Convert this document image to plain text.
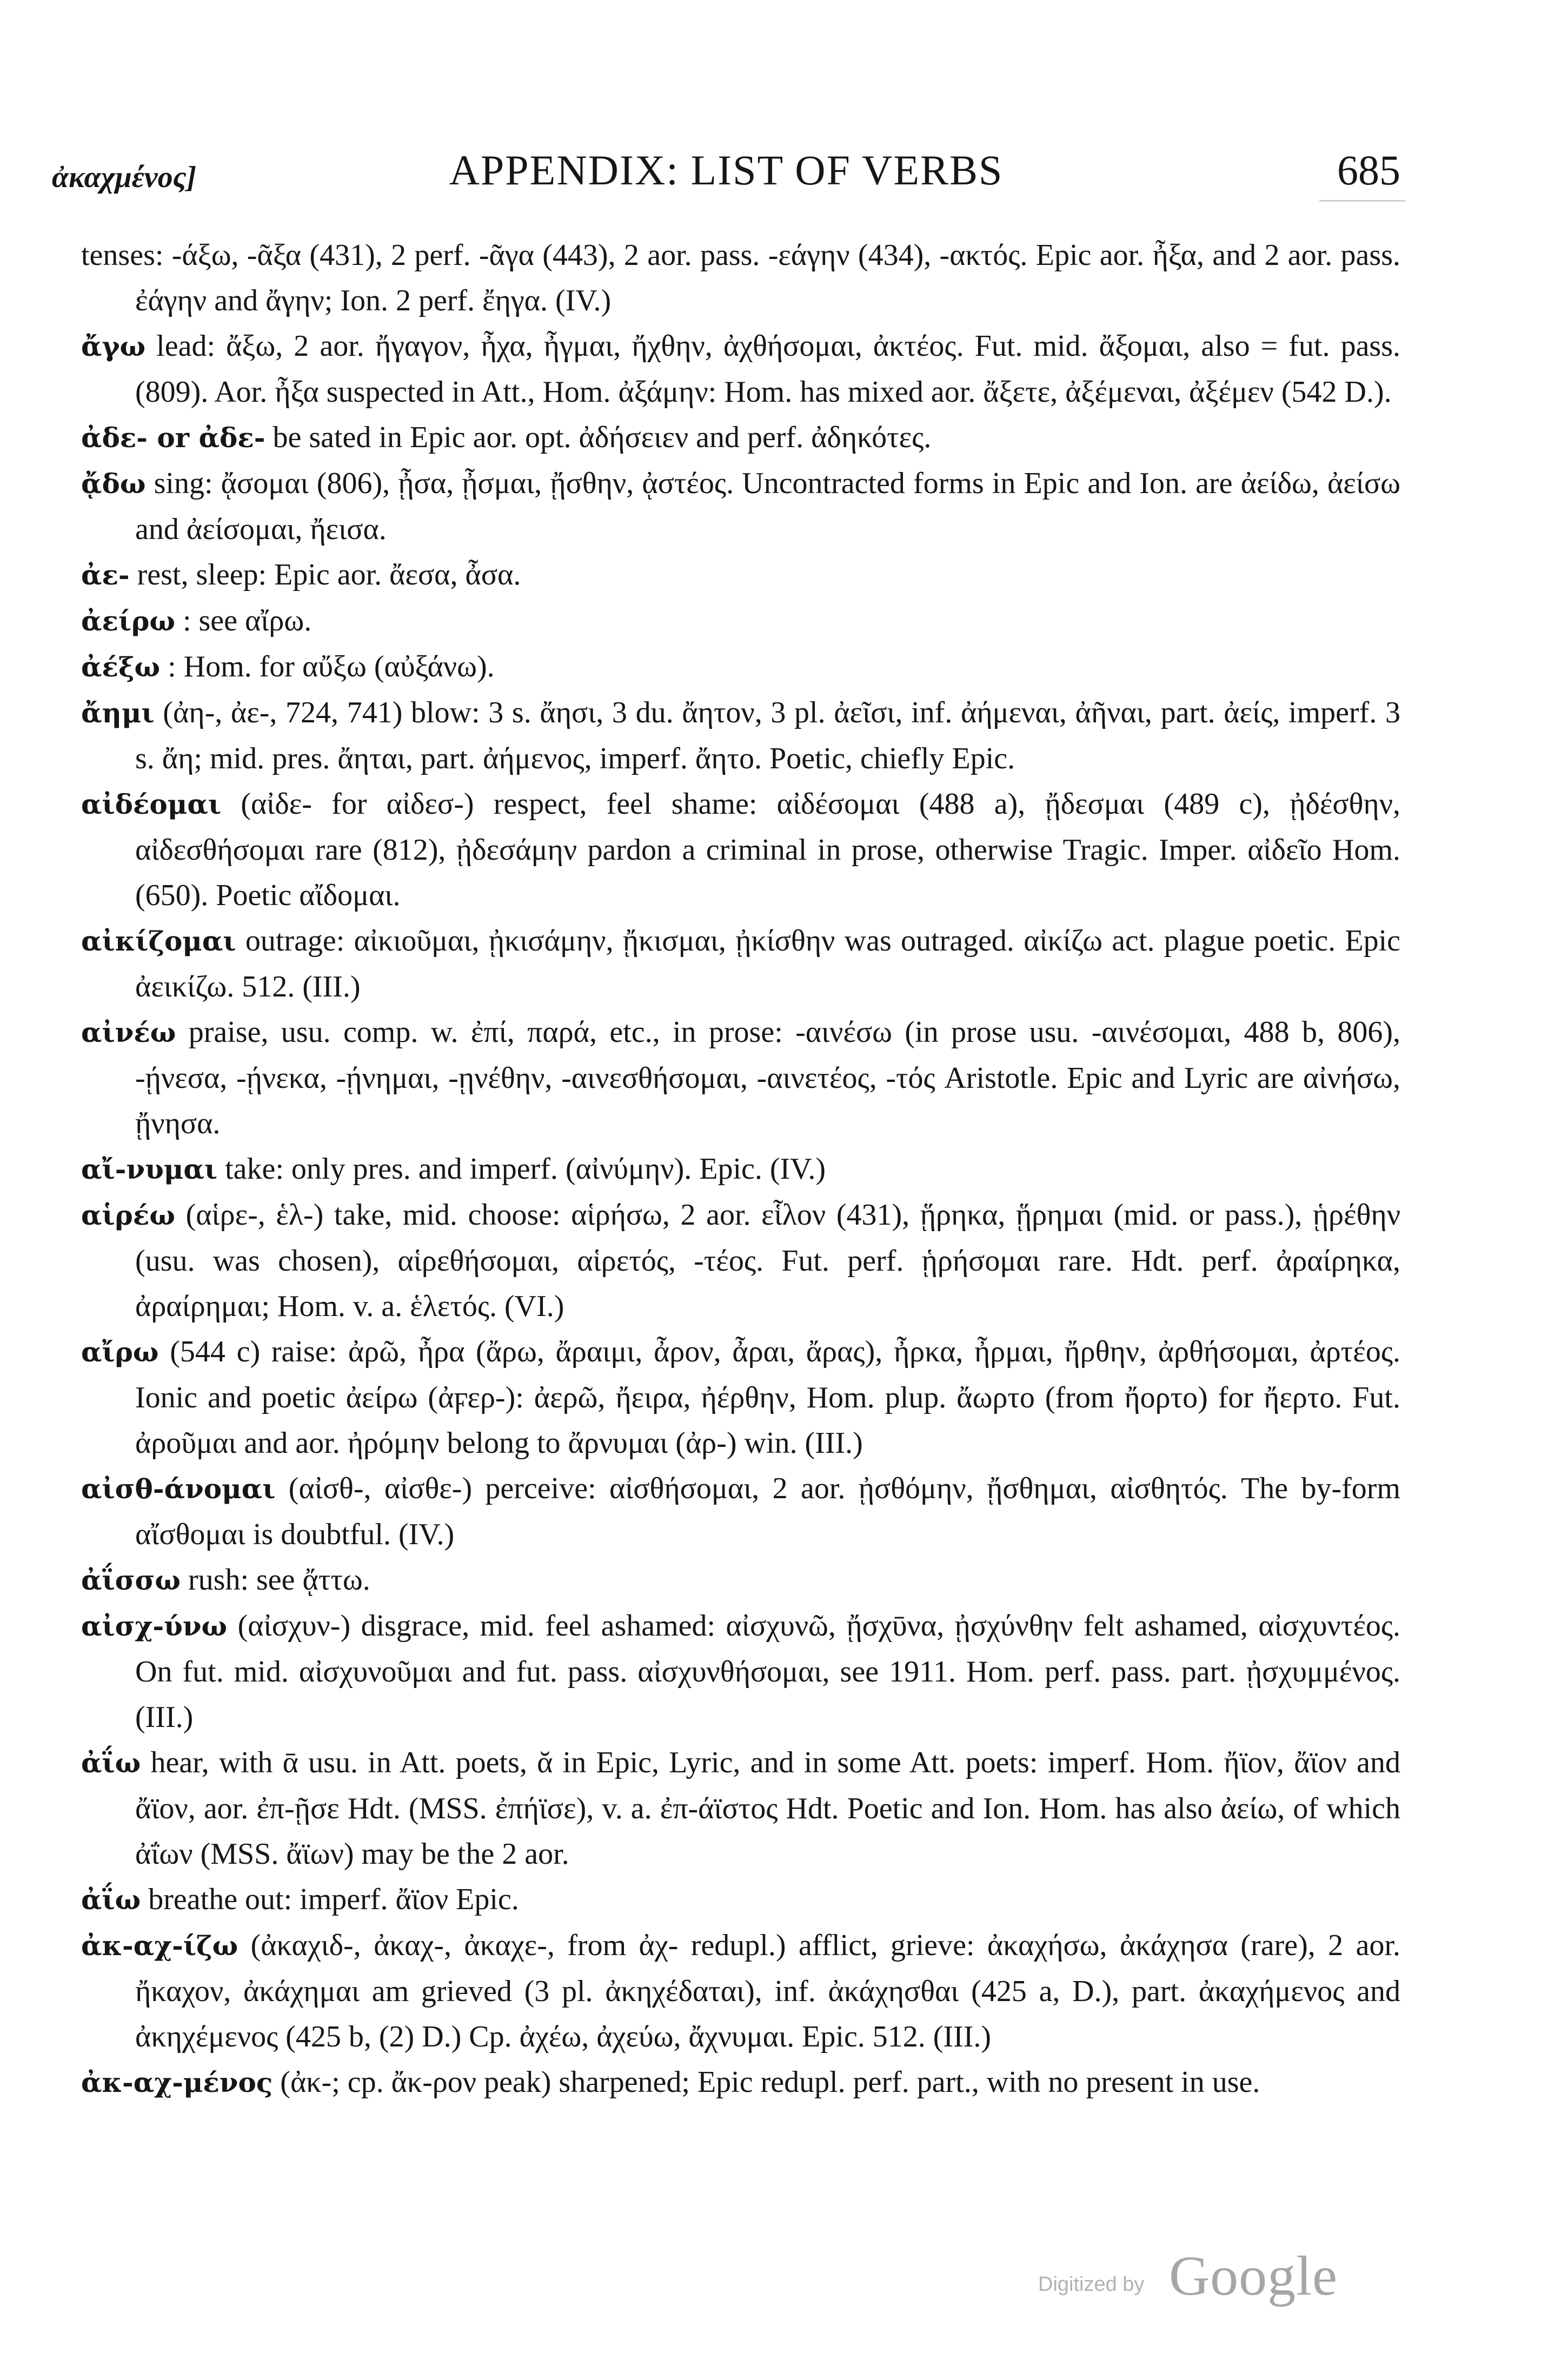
ἀκαχμένος]	APPENDIX: LIST OF VERBS	685

tenses: -άξω, -ᾶξα (431), 2 perf. -ᾶγα (443), 2 aor. pass. -εάγην (434), -ακτός. Epic aor. ἦξα, and 2 aor. pass. ἐάγην and ἄγην; Ion. 2 perf. ἔηγα. (IV.)

ἄγω lead: ἄξω, 2 aor. ἤγαγον, ἦχα, ἦγμαι, ἤχθην, ἀχθήσομαι, ἀκτέος. Fut. mid. ἄξομαι, also = fut. pass. (809). Aor. ἦξα suspected in Att., Hom. ἀξάμην: Hom. has mixed aor. ἄξετε, ἀξέμεναι, ἀξέμεν (542 D.).

ἀδε- or ἀδε- be sated in Epic aor. opt. ἀδήσειεν and perf. ἀδηκότες.

ᾄδω sing: ᾄσομαι (806), ᾖσα, ᾖσμαι, ᾔσθην, ᾀστέος. Uncontracted forms in Epic and Ion. are ἀείδω, ἀείσω and ἀείσομαι, ἤεισα.

ἀε- rest, sleep: Epic aor. ἄεσα, ἆσα.

ἀείρω : see αἴρω.

ἀέξω : Hom. for αὔξω (αὐξάνω).

ἄημι (ἀη-, ἀε-, 724, 741) blow: 3 s. ἄησι, 3 du. ἄητον, 3 pl. ἀεῖσι, inf. ἀήμεναι, ἀῆναι, part. ἀείς, imperf. 3 s. ἄη; mid. pres. ἄηται, part. ἀήμενος, imperf. ἄητο. Poetic, chiefly Epic.

αἰδέομαι (αἰδε- for αἰδεσ-) respect, feel shame: αἰδέσομαι (488 a), ᾔδεσμαι (489 c), ᾐδέσθην, αἰδεσθήσομαι rare (812), ᾐδεσάμην pardon a criminal in prose, otherwise Tragic. Imper. αἰδεῖο Hom. (650). Poetic αἴδομαι.

αἰκίζομαι outrage: αἰκιοῦμαι, ᾐκισάμην, ᾔκισμαι, ᾐκίσθην was outraged. αἰκίζω act. plague poetic. Epic ἀεικίζω. 512. (III.)

αἰνέω praise, usu. comp. w. ἐπί, παρά, etc., in prose: -αινέσω (in prose usu. -αινέσομαι, 488 b, 806), -ῄνεσα, -ῄνεκα, -ῄνημαι, -ῃνέθην, -αινεσθήσομαι, -αινετέος, -τός Aristotle. Epic and Lyric are αἰνήσω, ᾔνησα.

αἴ-νυμαι take: only pres. and imperf. (αἰνύμην). Epic. (IV.)

αἱρέω (αἱρε-, ἑλ-) take, mid. choose: αἱρήσω, 2 aor. εἷλον (431), ᾕρηκα, ᾕρημαι (mid. or pass.), ᾑρέθην (usu. was chosen), αἱρεθήσομαι, αἱρετός, -τέος. Fut. perf. ᾑρήσομαι rare. Hdt. perf. ἀραίρηκα, ἀραίρημαι; Hom. v. a. ἑλετός. (VI.)

αἴρω (544 c) raise: ἀρῶ, ἦρα (ἄρω, ἄραιμι, ἆρον, ἆραι, ἄρας), ἦρκα, ἦρμαι, ἤρθην, ἀρθήσομαι, ἀρτέος. Ionic and poetic ἀείρω (ἀϝερ-): ἀερῶ, ἤειρα, ἠέρθην, Hom. plup. ἄωρτο (from ἤορτο) for ἤερτο. Fut. ἀροῦμαι and aor. ἠρόμην belong to ἄρνυμαι (ἀρ-) win. (III.)

αἰσθ-άνομαι (αἰσθ-, αἰσθε-) perceive: αἰσθήσομαι, 2 aor. ᾐσθόμην, ᾔσθημαι, αἰσθητός. The by-form αἴσθομαι is doubtful. (IV.)

ἀΐσσω rush: see ᾄττω.

αἰσχ-ύνω (αἰσχυν-) disgrace, mid. feel ashamed: αἰσχυνῶ, ᾔσχῡνα, ᾐσχύνθην felt ashamed, αἰσχυντέος. On fut. mid. αἰσχυνοῦμαι and fut. pass. αἰσχυνθήσομαι, see 1911. Hom. perf. pass. part. ᾐσχυμμένος. (III.)

ἀΐω hear, with ᾱ usu. in Att. poets, ᾰ in Epic, Lyric, and in some Att. poets: imperf. Hom. ἤϊον, ἄϊον and ἄϊον, aor. ἐπ-ῇσε Hdt. (MSS. ἐπήϊσε), v. a. ἐπ-άϊστος Hdt. Poetic and Ion. Hom. has also ἀείω, of which ἀΐων (MSS. ἄϊων) may be the 2 aor.

ἀΐω breathe out: imperf. ἄϊον Epic.

ἀκ-αχ-ίζω (ἀκαχιδ-, ἀκαχ-, ἀκαχε-, from ἀχ- redupl.) afflict, grieve: ἀκαχήσω, ἀκάχησα (rare), 2 aor. ἤκαχον, ἀκάχημαι am grieved (3 pl. ἀκηχέδαται), inf. ἀκάχησθαι (425 a, D.), part. ἀκαχήμενος and ἀκηχέμενος (425 b, (2) D.) Cp. ἀχέω, ἀχεύω, ἄχνυμαι. Epic. 512. (III.)

ἀκ-αχ-μένος (ἀκ-; cp. ἄκ-ρον peak) sharpened; Epic redupl. perf. part., with no present in use.

Digitized by Google
